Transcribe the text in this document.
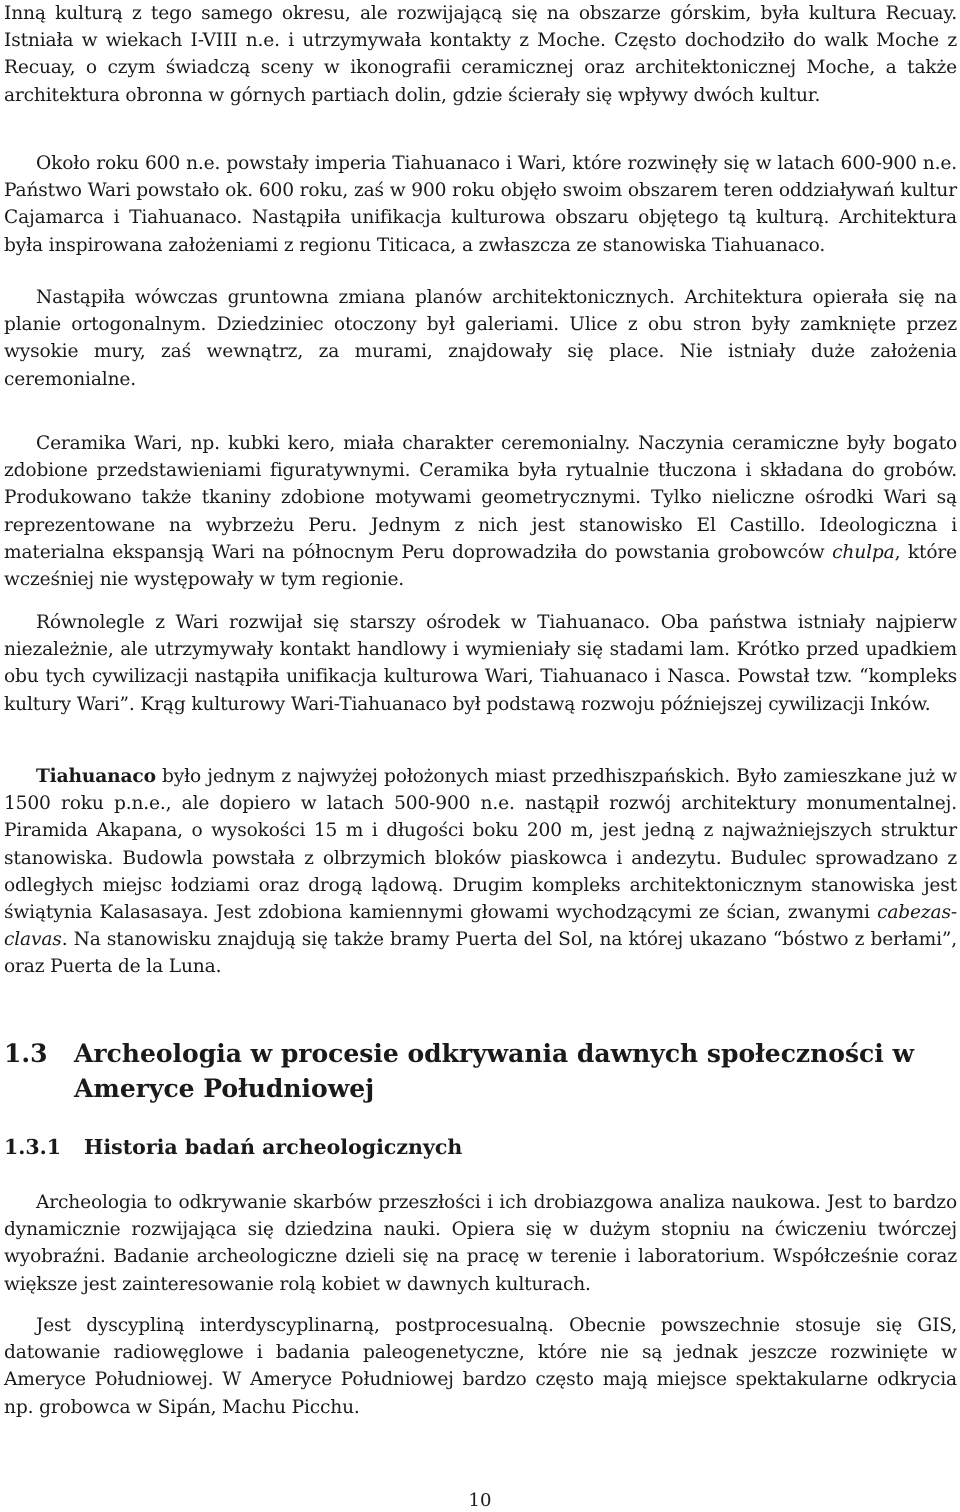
Inną kulturą z tego samego okresu, ale rozwijającą się na obszarze górskim, była kultura Recuay. Istniała w wiekach I-VIII n.e. i utrzymywała kontakty z Moche. Często dochodziło do walk Moche z Recuay, o czym świadczą sceny w ikonografii ceramicznej oraz architektonicznej Moche, a także architektura obronna w górnych partiach dolin, gdzie ścierały się wpływy dwóch kultur.

Około roku 600 n.e. powstały imperia Tiahuanaco i Wari, które rozwinęły się w latach 600-900 n.e. Państwo Wari powstało ok. 600 roku, zaś w 900 roku objęło swoim obszarem teren oddziaływań kultur Cajamarca i Tiahuanaco. Nastąpiła unifikacja kulturowa obszaru objętego tą kulturą. Architektura była inspirowana założeniami z regionu Titicaca, a zwłaszcza ze stanowiska Tiahuanaco.

Nastąpiła wówczas gruntowna zmiana planów architektonicznych. Architektura opierała się na planie ortogonalnym. Dziedziniec otoczony był galeriami. Ulice z obu stron były zamknięte przez wysokie mury, zaś wewnątrz, za murami, znajdowały się place. Nie istniały duże założenia ceremonialne.

Ceramika Wari, np. kubki kero, miała charakter ceremonialny. Naczynia ceramiczne były bogato zdobione przedstawieniami figuratywnymi. Ceramika była rytualnie tłuczona i składana do grobów. Produkowano także tkaniny zdobione motywami geometrycznymi. Tylko nieliczne ośrodki Wari są reprezentowane na wybrzeżu Peru. Jednym z nich jest stanowisko El Castillo. Ideologiczna i materialna ekspansją Wari na północnym Peru doprowadziła do powstania grobowców chulpa, które wcześniej nie występowały w tym regionie.

Równolegle z Wari rozwijał się starszy ośrodek w Tiahuanaco. Oba państwa istniały najpierw niezależnie, ale utrzymywały kontakt handlowy i wymieniały się stadami lam. Krótko przed upadkiem obu tych cywilizacji nastąpiła unifikacja kulturowa Wari, Tiahuanaco i Nasca. Powstał tzw. “kompleks kultury Wari”. Krąg kulturowy Wari-Tiahuanaco był podstawą rozwoju późniejszej cywilizacji Inków.

Tiahuanaco było jednym z najwyżej położonych miast przedhiszpańskich. Było zamieszkane już w 1500 roku p.n.e., ale dopiero w latach 500-900 n.e. nastąpił rozwój architektury monumentalnej. Piramida Akapana, o wysokości 15 m i długości boku 200 m, jest jedną z najważniejszych struktur stanowiska. Budowla powstała z olbrzymich bloków piaskowca i andezytu. Budulec sprowadzano z odległych miejsc łodziami oraz drogą lądową. Drugim kompleks architektonicznym stanowiska jest świątynia Kalasasaya. Jest zdobiona kamiennymi głowami wychodzącymi ze ścian, zwanymi cabezas-clavas. Na stanowisku znajdują się także bramy Puerta del Sol, na której ukazano “bóstwo z berłami”, oraz Puerta de la Luna.

1.3 Archeologia w procesie odkrywania dawnych społeczności w Ameryce Południowej
1.3.1 Historia badań archeologicznych

Archeologia to odkrywanie skarbów przeszłości i ich drobiazgowa analiza naukowa. Jest to bardzo dynamicznie rozwijająca się dziedzina nauki. Opiera się w dużym stopniu na ćwiczeniu twórczej wyobraźni. Badanie archeologiczne dzieli się na pracę w terenie i laboratorium. Współcześnie coraz większe jest zainteresowanie rolą kobiet w dawnych kulturach.

Jest dyscypliną interdyscyplinarną, postprocesualną. Obecnie powszechnie stosuje się GIS, datowanie radiowęglowe i badania paleogenetyczne, które nie są jednak jeszcze rozwinięte w Ameryce Południowej. W Ameryce Południowej bardzo często mają miejsce spektakularne odkrycia np. grobowca w Sipán, Machu Picchu.

10
